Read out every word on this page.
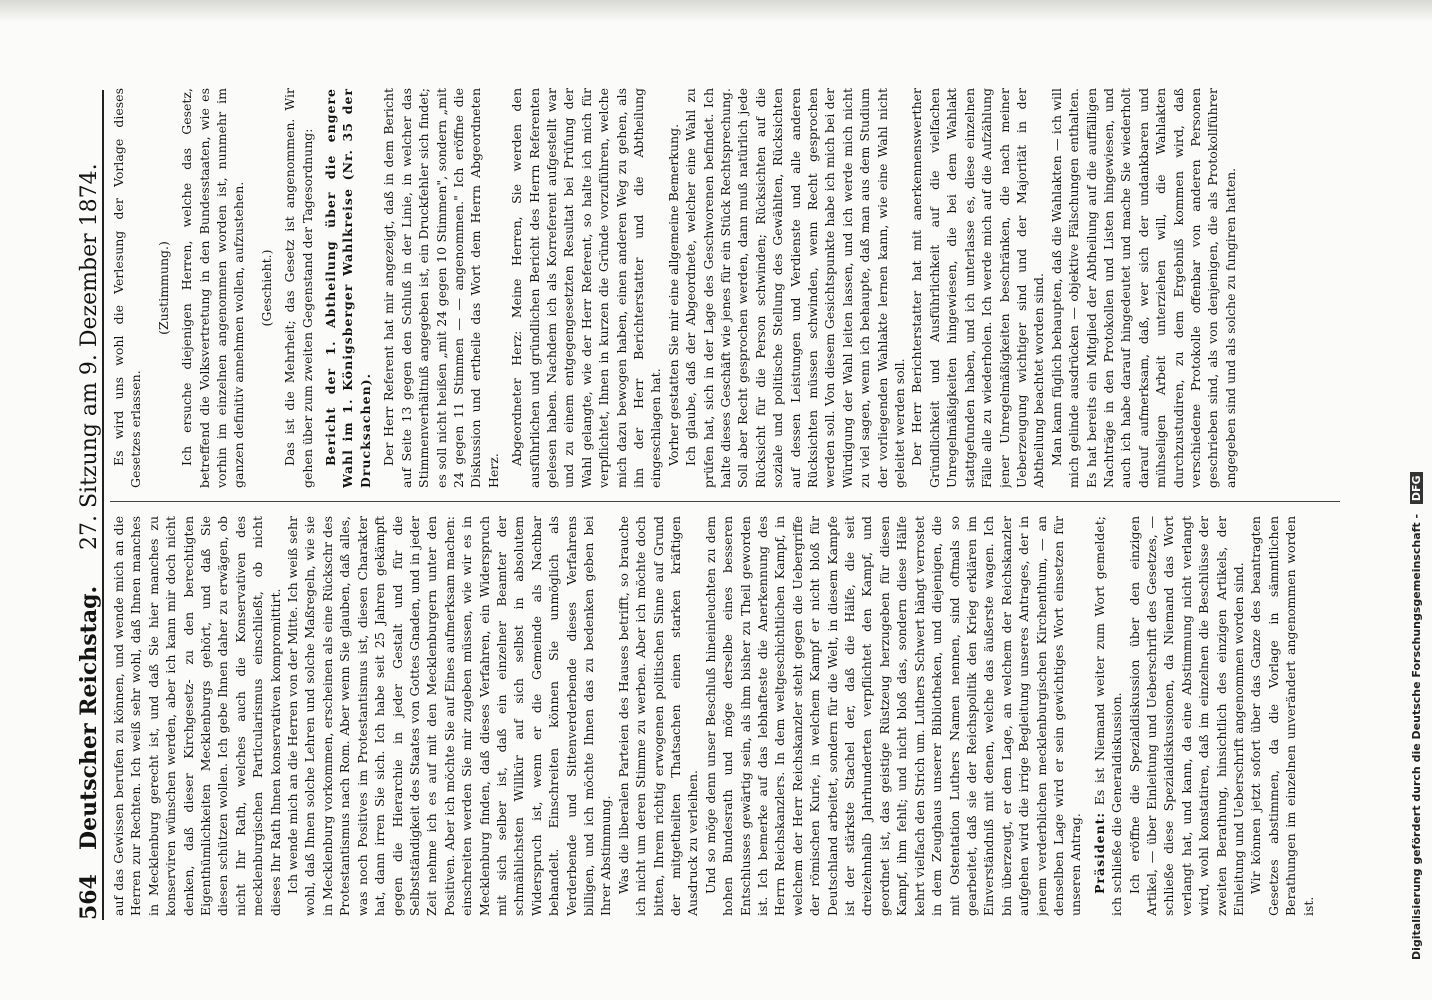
564
Deutscher Reichstag.
27. Sitzung am 9. Dezember 1874.

auf das Gewissen berufen zu können, und wende mich an die Herren zur Rechten. Ich weiß sehr wohl, daß Ihnen manches in Mecklenburg gerecht ist, und daß Sie hier manches zu konserviren wünschen werden, aber ich kann mir doch nicht denken, daß dieser Kirchgesetz- zu den berechtigten Eigenthümlichkeiten Mecklenburgs gehört, und daß Sie diesen schützen wollen. Ich gebe Ihnen daher zu erwägen, ob nicht Ihr Rath, welches auch die Konservativen des mecklenburgischen Particularismus einschließt, ob nicht dieses Ihr Rath Ihnen konservativen kompromittirt. Ich wende mich an die Herren von der Mitte. Ich weiß sehr wohl, daß Ihnen solche Lehren und solche Maßregeln, wie sie in Mecklenburg vorkommen, erscheinen als eine Rückschr des Protestantismus nach Rom. Aber wenn Sie glauben, daß alles, was noch Positives im Protestantismus ist, diesen Charakter hat, dann irren Sie sich. Ich habe seit 25 Jahren gekämpft gegen die Hierarchie in jeder Gestalt und für die Selbstständigkeit des Staates von Gottes Gnaden, und in jeder Zeit nehme ich es auf mit den Mecklenburgern unter den Positiven. Aber ich möchte Sie auf Eines aufmerksam machen: einschreiten werden Sie mir zugeben müssen, wie wir es in Mecklenburg finden, daß dieses Verfahren, ein Widerspruch mit sich selber ist, daß ein einzelner Beamter der schmählichsten Willkür auf sich selbst in absolutem Widerspruch ist, wenn er die Gemeinde als Nachbar behandelt. Einschreiten können Sie unmöglich als Verderbende und Sittenverderbende dieses Verfahrens billigen, und ich möchte Ihnen das zu bedenken geben bei Ihrer Abstimmung. Was die liberalen Parteien des Hauses betrifft, so brauche ich nicht um deren Stimme zu werben. Aber ich möchte doch bitten, Ihrem richtig erwogenen politischen Sinne auf Grund der mitgetheilten Thatsachen einen starken kräftigen Ausdruck zu verleihen. Und so möge denn unser Beschluß hineinleuchten zu dem hohen Bundesrath und möge derselbe eines besseren Entschlusses gewärtig sein, als ihm bisher zu Theil geworden ist. Ich bemerke auf das lebhafteste die Anerkennung des Herrn Reichskanzlers. In dem weltgeschichtlichen Kampf, in welchem der Herr Reichskanzler steht gegen die Uebergriffe der römischen Kurie, in welchem Kampf er nicht bloß für Deutschland arbeitet, sondern für die Welt, in diesem Kampfe ist der stärkste Stachel der, daß die Hälfe, die seit dreizehnhalb Jahrhunderten verpflichtet den Kampf, und geordnet ist, das geistige Rüstzeug herzugeben für diesen Kampf, ihm fehlt; und nicht bloß das, sondern diese Hälfe kehrt vielfach den Strich um. Luthers Schwert hängt verrostet in dem Zeughaus unserer Bibliotheken, und diejenigen, die mit Ostentation Luthers Namen nennen, sind oftmals so gearbeitet, daß sie der Reichspolitik den Krieg erklären im Einverständniß mit denen, welche das äußerste wagen. Ich bin überzeugt, er dem Lage, an welchem der Reichskanzler aufgehen wird die irrige Begleitung unseres Antrages, der in jenem verderblichen mecklenburgischen Kirchenthum, — an denselben Lage wird er sein gewichtiges Wort einsetzen für unseren Antrag. Präsident: Es ist Niemand weiter zum Wort gemeldet; ich schließe die Generaldiskussion. Ich eröffne die Spezialdiskussion über den einzigen Artikel, — über Einleitung und Ueberschrift des Gesetzes, — schließe diese Spezialdiskussionen, da Niemand das Wort verlangt hat, und kann, da eine Abstimmung nicht verlangt wird, wohl konstatiren, daß im einzelnen die Beschlüsse der zweiten Berathung, hinsichtlich des einzigen Artikels, der Einleitung und Ueberschrift angenommen worden sind. Wir können jetzt sofort über das Ganze des beantragten Gesetzes abstimmen, da die Vorlage in sämmtlichen Berathungen im einzelnen unverändert angenommen worden ist.

Es wird uns wohl die Verlesung der Vorlage dieses Gesetzes erlassen.

(Zustimmung.) Ich ersuche diejenigen Herren, welche das Gesetz, betreffend die Volksvertretung in den Bundesstaaten, wie es vorhin im einzelnen angenommen worden ist, nunmehr im ganzen definitiv annehmen wollen, aufzustehen. (Geschieht.) Das ist die Mehrheit; das Gesetz ist angenommen. Wir gehen über zum zweiten Gegenstand der Tagesordnung: Bericht der 1. Abtheilung über die engere Wahl im 1. Königsberger Wahlkreise (Nr. 35 der Drucksachen). Der Herr Referent hat mir angezeigt, daß in dem Bericht auf Seite 13 gegen den Schluß in der Linie, in welcher das Stimmenverhältniß angegeben ist, ein Druckfehler sich findet; es soll nicht heißen „mit 24 gegen 10 Stimmen", sondern „mit 24 gegen 11 Stimmen — — angenommen." Ich eröffne die Diskussion und ertheile das Wort dem Herrn Abgeordneten Herz.

Abgeordneter Herz: Meine Herren, Sie werden den ausführlichen und gründlichen Bericht des Herrn Referenten gelesen haben. Nachdem ich als Korreferent aufgestellt war und zu einem entgegengesetzten Resultat bei Prüfung der Wahl gelangte, wie der Herr Referent, so halte ich mich für verpflichtet, Ihnen in kurzen die Gründe vorzuführen, welche mich dazu bewogen haben, einen anderen Weg zu gehen, als ihn der Herr Berichterstatter und die Abtheilung eingeschlagen hat. Vorher gestatten Sie mir eine allgemeine Bemerkung. Ich glaube, daß der Abgeordnete, welcher eine Wahl zu prüfen hat, sich in der Lage des Geschworenen befindet. Ich halte dieses Geschäft wie jenes für ein Stück Rechtsprechung. Soll aber Recht gesprochen werden, dann muß natürlich jede Rücksicht für die Person schwinden; Rücksichten auf die soziale und politische Stellung des Gewählten, Rücksichten auf dessen Leistungen und Verdienste und alle anderen Rücksichten müssen schwinden, wenn Recht gesprochen werden soll. Von diesem Gesichtspunkte habe ich mich bei der Würdigung der Wahl leiten lassen, und ich werde mich nicht zu viel sagen, wenn ich behaupte, daß man aus dem Studium der vorliegenden Wahlakte lernen kann, wie eine Wahl nicht geleitet werden soll. Der Herr Berichterstatter hat mit anerkennenswerther Gründlichkeit und Ausführlichkeit auf die vielfachen Unregelmäßigkeiten hingewiesen, die bei dem Wahlakt stattgefunden haben, und ich unterlasse es, diese einzelnen Fälle alle zu wiederholen. Ich werde mich auf die Aufzählung jener Unregelmäßigkeiten beschränken, die nach meiner Ueberzeugung wichtiger sind und der Majorität in der Abtheilung beachtet worden sind. Man kann füglich behaupten, daß die Wahlakten — ich will mich gelinde ausdrücken — objektive Fälschungen enthalten. Es hat bereits ein Mitglied der Abtheilung auf die auffälligen Nachträge in den Protokollen und Listen hingewiesen, und auch ich habe darauf hingedeutet und mache Sie wiederholt darauf aufmerksam, daß, wer sich der undankbaren und mühseligen Arbeit unterziehen will, die Wahlakten durchzustudiren, zu dem Ergebniß kommen wird, daß verschiedene Protokolle offenbar von anderen Personen geschrieben sind, als von denjenigen, die als Protokollführer angegeben sind und als solche zu fungiren hatten.

Digitalisierung gefördert durch die Deutsche Forschungsgemeinschaft - DFG
